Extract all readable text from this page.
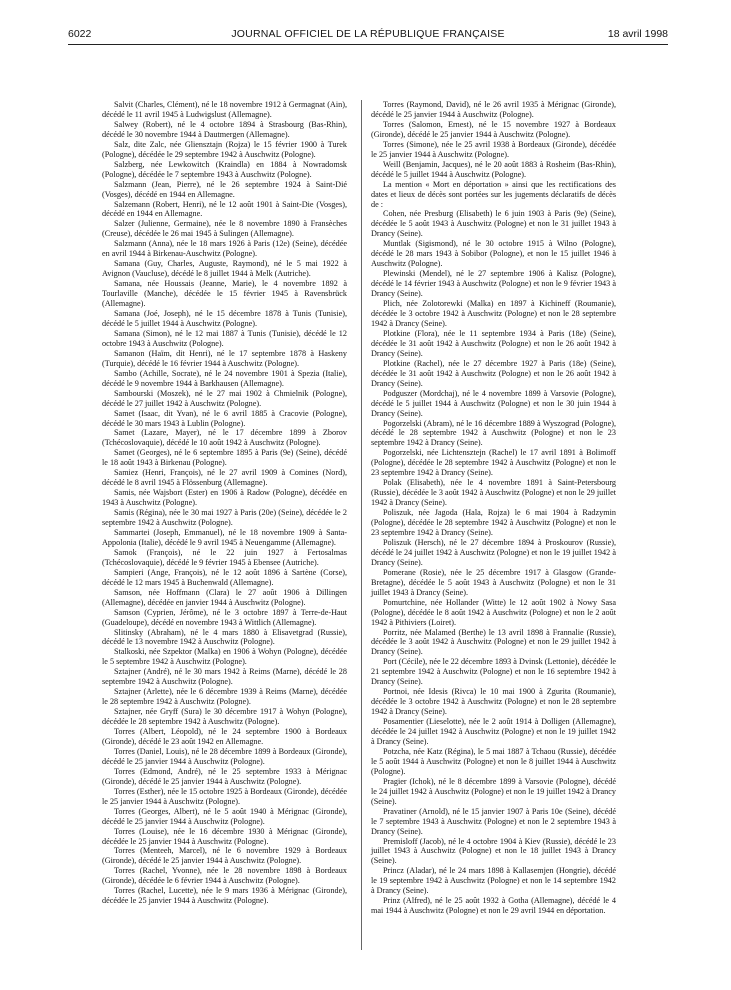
6022	JOURNAL OFFICIEL DE LA RÉPUBLIQUE FRANÇAISE	18 avril 1998

Salvit (Charles, Clément), né le 18 novembre 1912 à Germagnat (Ain), décédé le 11 avril 1945 à Ludwigslust (Allemagne).

Salwey (Robert), né le 4 octobre 1894 à Strasbourg (Bas-Rhin), décédé le 30 novembre 1944 à Dautmergen (Allemagne).

Salz, dite Zalc, née Gliensztajn (Rojza) le 15 février 1900 à Turek (Pologne), décédée le 29 septembre 1942 à Auschwitz (Pologne).

Salzberg, née Lewkowitch (Kraindla) en 1884 à Nowradomsk (Pologne), décédée le 7 septembre 1943 à Auschwitz (Pologne).

Salzmann (Jean, Pierre), né le 26 septembre 1924 à Saint-Dié (Vosges), décédé en 1944 en Allemagne.

Salzemann (Robert, Henri), né le 12 août 1901 à Saint-Die (Vosges), décédé en 1944 en Allemagne.

Salzer (Julienne, Germaine), née le 8 novembre 1890 à Fransèches (Creuse), décédée le 26 mai 1945 à Sulingen (Allemagne).

Salzmann (Anna), née le 18 mars 1926 à Paris (12e) (Seine), décédée en avril 1944 à Birkenau-Auschwitz (Pologne).

Samana (Guy, Charles, Auguste, Raymond), né le 5 mai 1922 à Avignon (Vaucluse), décédé le 8 juillet 1944 à Melk (Autriche).

Samana, née Houssais (Jeanne, Marie), le 4 novembre 1892 à Tourlaville (Manche), décédée le 15 février 1945 à Ravensbrück (Allemagne).

Samana (Joé, Joseph), né le 15 décembre 1878 à Tunis (Tunisie), décédé le 5 juillet 1944 à Auschwitz (Pologne).

Samana (Simon), né le 12 mai 1887 à Tunis (Tunisie), décédé le 12 octobre 1943 à Auschwitz (Pologne).

Samanon (Haïm, dit Henri), né le 17 septembre 1878 à Haskeny (Turquie), décédé le 16 février 1944 à Auschwitz (Pologne).

Sambo (Achille, Socrate), né le 24 novembre 1901 à Spezia (Italie), décédé le 9 novembre 1944 à Barkhausen (Allemagne).

Sambourski (Moszek), né le 27 mai 1902 à Chmielnik (Pologne), décédé le 27 juillet 1942 à Auschwitz (Pologne).

Samet (Isaac, dit Yvan), né le 6 avril 1885 à Cracovie (Pologne), décédé le 30 mars 1943 à Lublin (Pologne).

Samet (Lazare, Mayer), né le 17 décembre 1899 à Zborov (Tchécoslovaquie), décédé le 10 août 1942 à Auschwitz (Pologne).

Samet (Georges), né le 6 septembre 1895 à Paris (9e) (Seine), décédé le 18 août 1943 à Birkenau (Pologne).

Samiez (Henri, François), né le 27 avril 1909 à Comines (Nord), décédé le 8 avril 1945 à Flössenburg (Allemagne).

Samis, née Wajsbort (Ester) en 1906 à Radow (Pologne), décédée en 1943 à Auschwitz (Pologne).

Samis (Régina), née le 30 mai 1927 à Paris (20e) (Seine), décédée le 2 septembre 1942 à Auschwitz (Pologne).

Sammartei (Joseph, Emmanuel), né le 18 novembre 1909 à Santa-Appolonia (Italie), décédé le 9 avril 1945 à Neuengamme (Allemagne).

Samok (François), né le 22 juin 1927 à Fertosalmas (Tchécoslovaquie), décédé le 9 février 1945 à Ebensee (Autriche).

Sampieri (Ange, François), né le 12 août 1896 à Sartène (Corse), décédé le 12 mars 1945 à Buchenwald (Allemagne).

Samson, née Hoffmann (Clara) le 27 août 1906 à Dillingen (Allemagne), décédée en janvier 1944 à Auschwitz (Pologne).

Samson (Cyprien, Jérôme), né le 3 octobre 1897 à Terre-de-Haut (Guadeloupe), décédé en novembre 1943 à Wittlich (Allemagne).

Slitinsky (Abraham), né le 4 mars 1880 à Elisavetgrad (Russie), décédé le 13 novembre 1942 à Auschwitz (Pologne).

Stalkoski, née Szpektor (Malka) en 1906 à Wohyn (Pologne), décédée le 5 septembre 1942 à Auschwitz (Pologne).

Sztajner (André), né le 30 mars 1942 à Reims (Marne), décédé le 28 septembre 1942 à Auschwitz (Pologne).

Sztajner (Arlette), née le 6 décembre 1939 à Reims (Marne), décédée le 28 septembre 1942 à Auschwitz (Pologne).

Sztajner, née Gryff (Sura) le 30 décembre 1917 à Wohyn (Pologne), décédée le 28 septembre 1942 à Auschwitz (Pologne).

Torres (Albert, Léopold), né le 24 septembre 1900 à Bordeaux (Gironde), décédé le 23 août 1942 en Allemagne.

Torres (Daniel, Louis), né le 28 décembre 1899 à Bordeaux (Gironde), décédé le 25 janvier 1944 à Auschwitz (Pologne).

Torres (Edmond, André), né le 25 septembre 1933 à Mérignac (Gironde), décédé le 25 janvier 1944 à Auschwitz (Pologne).

Torres (Esther), née le 15 octobre 1925 à Bordeaux (Gironde), décédée le 25 janvier 1944 à Auschwitz (Pologne).

Torres (Georges, Albert), né le 5 août 1940 à Mérignac (Gironde), décédé le 25 janvier 1944 à Auschwitz (Pologne).

Torres (Louise), née le 16 décembre 1930 à Mérignac (Gironde), décédée le 25 janvier 1944 à Auschwitz (Pologne).

Torres (Menteeh, Marcel), né le 6 novembre 1929 à Bordeaux (Gironde), décédé le 25 janvier 1944 à Auschwitz (Pologne).

Torres (Rachel, Yvonne), née le 28 novembre 1898 à Bordeaux (Gironde), décédée le 6 février 1944 à Auschwitz (Pologne).

Torres (Rachel, Lucette), née le 9 mars 1936 à Mérignac (Gironde), décédée le 25 janvier 1944 à Auschwitz (Pologne).

Torres (Raymond, David), né le 26 avril 1935 à Mérignac (Gironde), décédé le 25 janvier 1944 à Auschwitz (Pologne).

Torres (Salomon, Ernest), né le 15 novembre 1927 à Bordeaux (Gironde), décédé le 25 janvier 1944 à Auschwitz (Pologne).

Torres (Simone), née le 25 avril 1938 à Bordeaux (Gironde), décédée le 25 janvier 1944 à Auschwitz (Pologne).

Weill (Benjamin, Jacques), né le 20 août 1883 à Rosheim (Bas-Rhin), décédé le 5 juillet 1944 à Auschwitz (Pologne).

La mention « Mort en déportation » ainsi que les rectifications des dates et lieux de décès sont portées sur les jugements déclaratifs de décès de :

Cohen, née Presburg (Elisabeth) le 6 juin 1903 à Paris (9e) (Seine), décédée le 5 août 1943 à Auschwitz (Pologne) et non le 31 juillet 1943 à Drancy (Seine).

Muntlak (Sigismond), né le 30 octobre 1915 à Wilno (Pologne), décédé le 28 mars 1943 à Sobibor (Pologne), et non le 15 juillet 1946 à Auschwitz (Pologne).

Plewinski (Mendel), né le 27 septembre 1906 à Kalisz (Pologne), décédé le 14 février 1943 à Auschwitz (Pologne) et non le 9 février 1943 à Drancy (Seine).

Plich, née Zolotorewki (Malka) en 1897 à Kichineff (Roumanie), décédée le 3 octobre 1942 à Auschwitz (Pologne) et non le 28 septembre 1942 à Drancy (Seine).

Plotkine (Flora), née le 11 septembre 1934 à Paris (18e) (Seine), décédée le 31 août 1942 à Auschwitz (Pologne) et non le 26 août 1942 à Drancy (Seine).

Plotkine (Rachel), née le 27 décembre 1927 à Paris (18e) (Seine), décédée le 31 août 1942 à Auschwitz (Pologne) et non le 26 août 1942 à Drancy (Seine).

Podguszer (Mordchaj), né le 4 novembre 1899 à Varsovie (Pologne), décédé le 5 juillet 1944 à Auschwitz (Pologne) et non le 30 juin 1944 à Drancy (Seine).

Pogorzelski (Abram), né le 16 décembre 1889 à Wyszograd (Pologne), décédé le 28 septembre 1942 à Auschwitz (Pologne) et non le 23 septembre 1942 à Drancy (Seine).

Pogorzelski, née Lichtensztejn (Rachel) le 17 avril 1891 à Bolimoff (Pologne), décédée le 28 septembre 1942 à Auschwitz (Pologne) et non le 23 septembre 1942 à Drancy (Seine).

Polak (Elisabeth), née le 4 novembre 1891 à Saint-Petersbourg (Russie), décédée le 3 août 1942 à Auschwitz (Pologne) et non le 29 juillet 1942 à Drancy (Seine).

Poliszuk, née Jagoda (Hala, Rojza) le 6 mai 1904 à Radzymin (Pologne), décédée le 28 septembre 1942 à Auschwitz (Pologne) et non le 23 septembre 1942 à Drancy (Seine).

Poliszuk (Hersch), né le 27 décembre 1894 à Proskourov (Russie), décédé le 24 juillet 1942 à Auschwitz (Pologne) et non le 19 juillet 1942 à Drancy (Seine).

Pomerane (Rosie), née le 25 décembre 1917 à Glasgow (Grande-Bretagne), décédée le 5 août 1943 à Auschwitz (Pologne) et non le 31 juillet 1943 à Drancy (Seine).

Pomurtchine, née Hollander (Witte) le 12 août 1902 à Nowy Sasa (Pologne), décédée le 8 août 1942 à Auschwitz (Pologne) et non le 2 août 1942 à Pithiviers (Loiret).

Porritz, née Malamed (Berthe) le 13 avril 1898 à Frannalie (Russie), décédée le 3 août 1942 à Auschwitz (Pologne) et non le 29 juillet 1942 à Drancy (Seine).

Port (Cécile), née le 22 décembre 1893 à Dvinsk (Lettonie), décédée le 21 septembre 1942 à Auschwitz (Pologne) et non le 16 septembre 1942 à Drancy (Seine).

Portnoi, née Idesis (Rivca) le 10 mai 1900 à Zgurita (Roumanie), décédée le 3 octobre 1942 à Auschwitz (Pologne) et non le 28 septembre 1942 à Drancy (Seine).

Posamentier (Lieselotte), née le 2 août 1914 à Dolligen (Allemagne), décédée le 24 juillet 1942 à Auschwitz (Pologne) et non le 19 juillet 1942 à Drancy (Seine).

Potzcha, née Katz (Régina), le 5 mai 1887 à Tchaou (Russie), décédée le 5 août 1944 à Auschwitz (Pologne) et non le 8 juillet 1944 à Auschwitz (Pologne).

Pragier (Ichok), né le 8 décembre 1899 à Varsovie (Pologne), décédé le 24 juillet 1942 à Auschwitz (Pologne) et non le 19 juillet 1942 à Drancy (Seine).

Pravatiner (Arnold), né le 15 janvier 1907 à Paris 10e (Seine), décédé le 7 septembre 1943 à Auschwitz (Pologne) et non le 2 septembre 1943 à Drancy (Seine).

Premisloff (Jacob), né le 4 octobre 1904 à Kiev (Russie), décédé le 23 juillet 1943 à Auschwitz (Pologne) et non le 18 juillet 1943 à Drancy (Seine).

Princz (Aladar), né le 24 mars 1898 à Kallasemjen (Hongrie), décédé le 19 septembre 1942 à Auschwitz (Pologne) et non le 14 septembre 1942 à Drancy (Seine).

Prinz (Alfred), né le 25 août 1932 à Gotha (Allemagne), décédé le 4 mai 1944 à Auschwitz (Pologne) et non le 29 avril 1944 en déportation.
